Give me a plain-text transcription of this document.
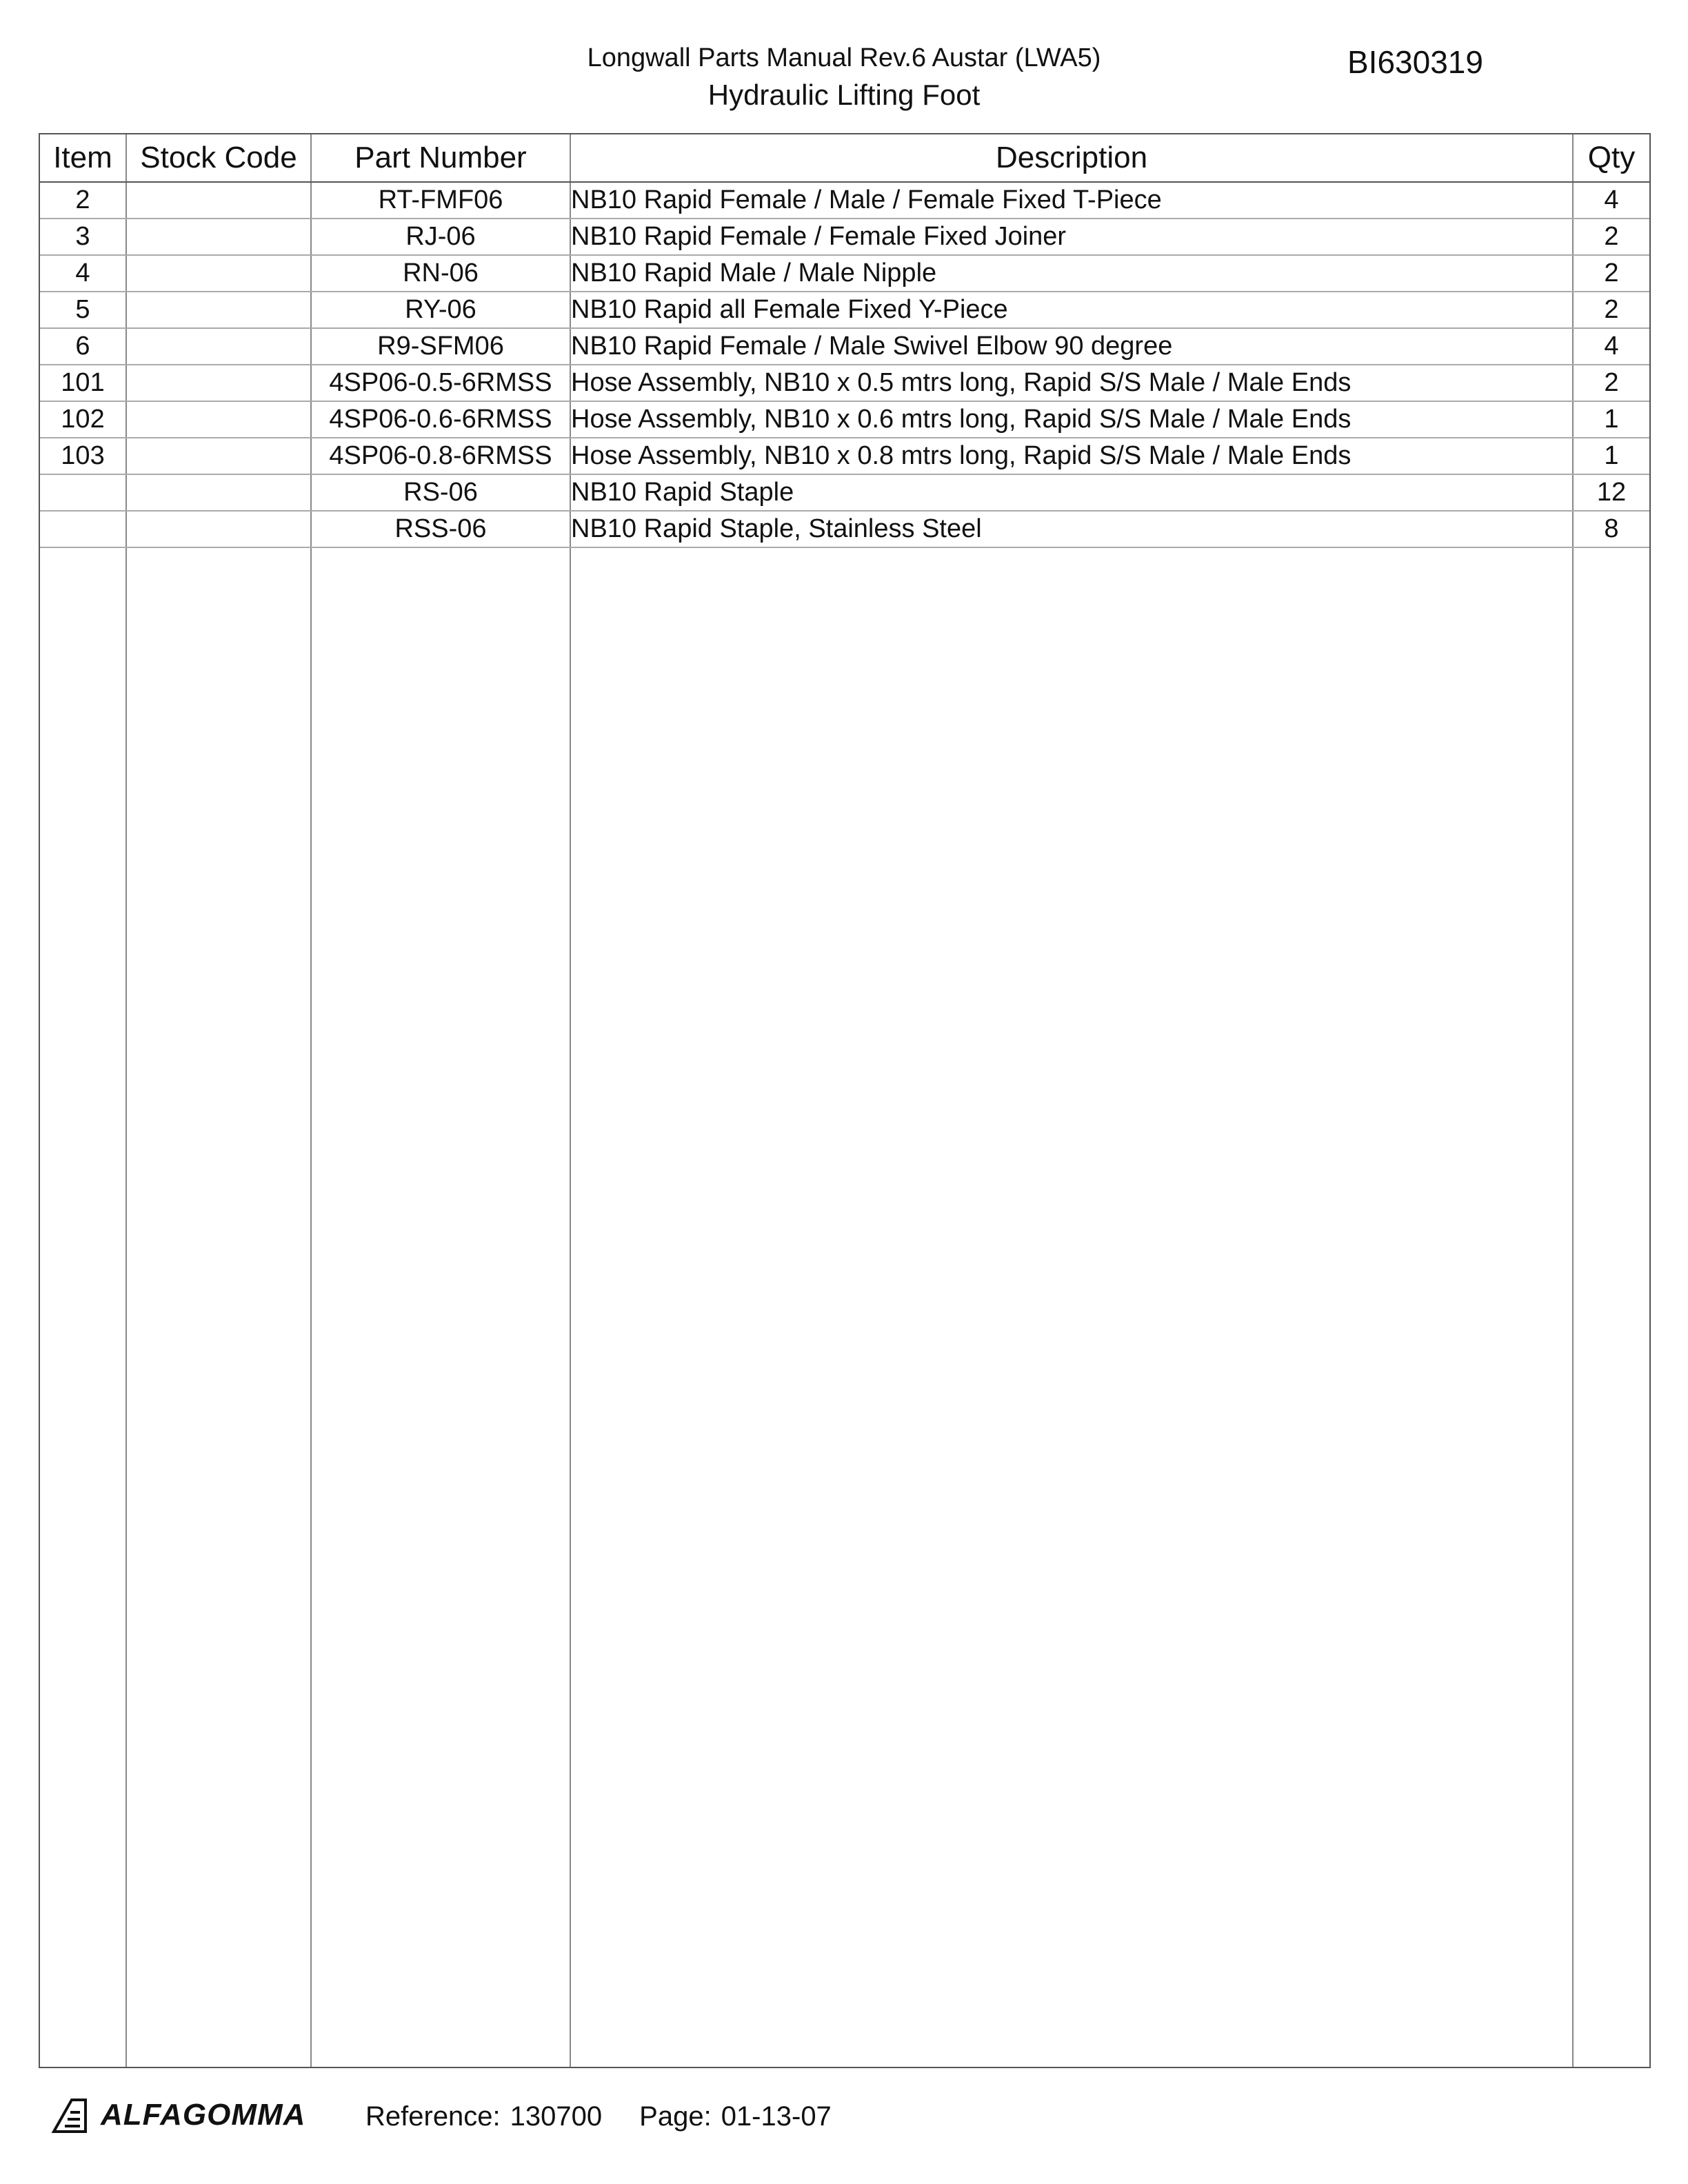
Longwall Parts Manual Rev.6 Austar (LWA5)
Hydraulic Lifting Foot
BI630319
Item	Stock Code	Part Number	Description	Qty
2		RT-FMF06	NB10 Rapid Female / Male / Female Fixed T-Piece	4
3		RJ-06	NB10 Rapid Female / Female Fixed Joiner	2
4		RN-06	NB10 Rapid Male / Male Nipple	2
5		RY-06	NB10 Rapid all Female Fixed Y-Piece	2
6		R9-SFM06	NB10 Rapid Female / Male Swivel Elbow 90 degree	4
101		4SP06-0.5-6RMSS	Hose Assembly, NB10 x 0.5 mtrs long, Rapid S/S Male / Male Ends	2
102		4SP06-0.6-6RMSS	Hose Assembly, NB10 x 0.6 mtrs long, Rapid S/S Male / Male Ends	1
103		4SP06-0.8-6RMSS	Hose Assembly, NB10 x 0.8 mtrs long, Rapid S/S Male / Male Ends	1
		RS-06	NB10 Rapid Staple	12
		RSS-06	NB10 Rapid Staple, Stainless Steel	8
ALFAGOMMA Reference: 130700 Page: 01-13-07
